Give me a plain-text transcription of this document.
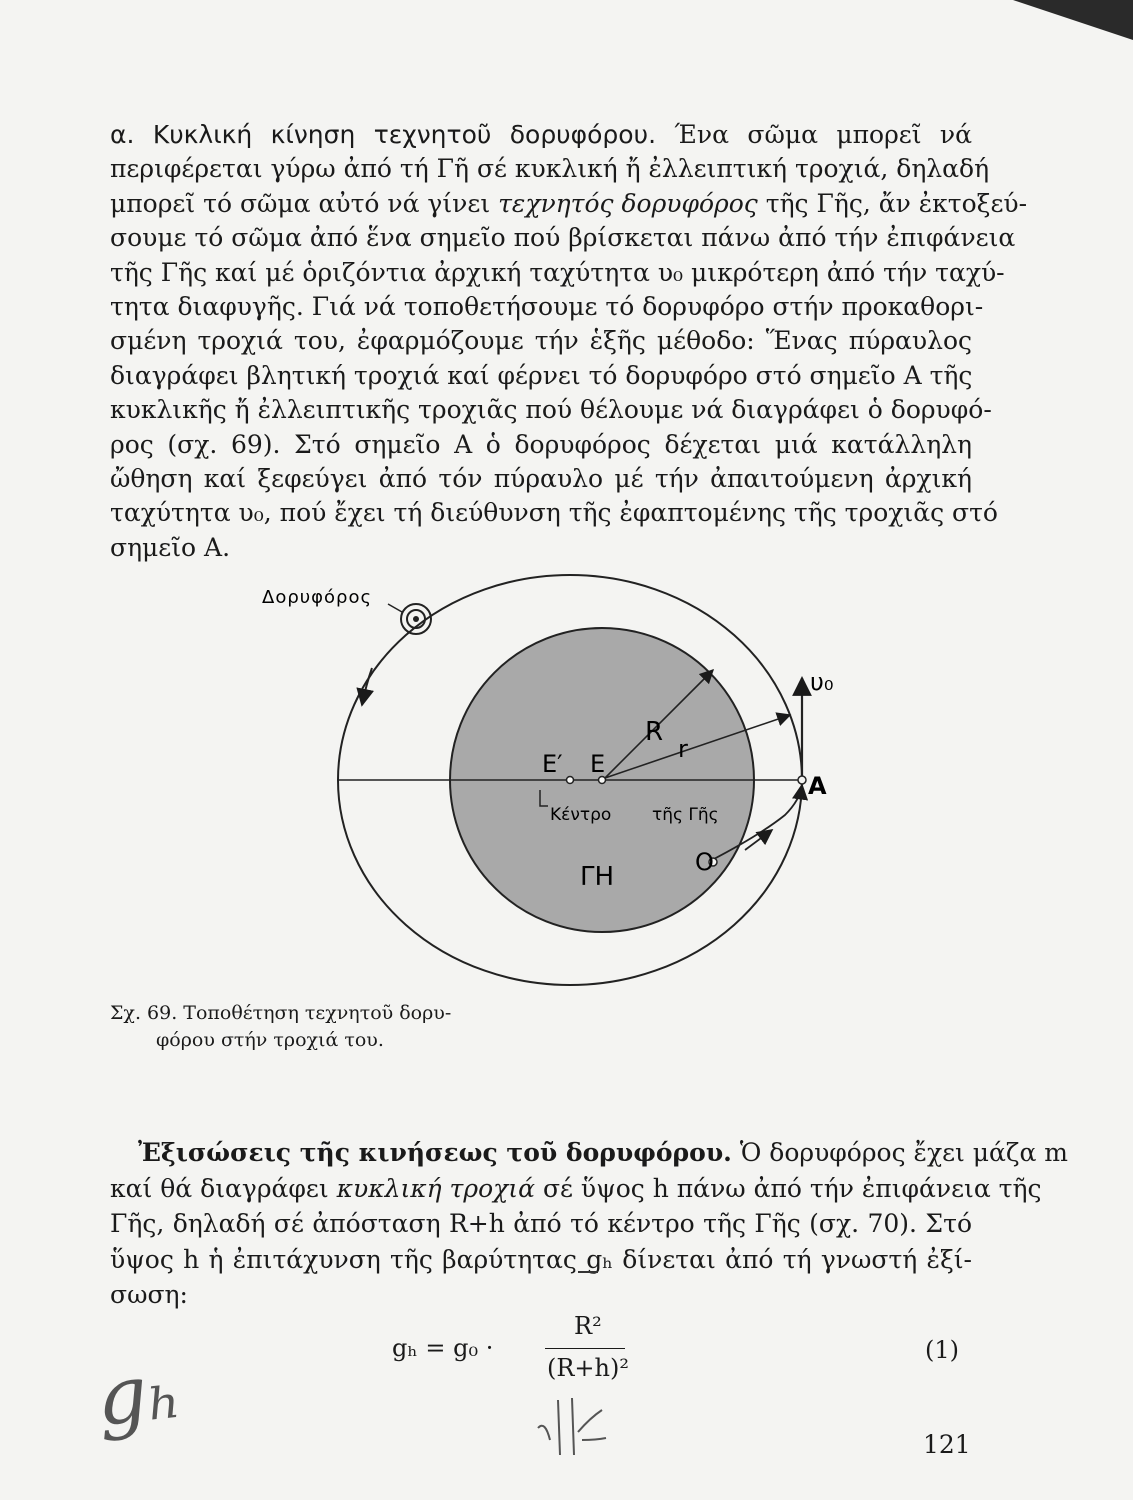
α. Κυκλική κίνηση τεχνητοῦ δορυφόρου. Ένα σῶμα μπορεῖ νά
περιφέρεται γύρω ἀπό τή Γῆ σέ κυκλική ἤ ἐλλειπτική τροχιά, δηλαδή
μπορεῖ τό σῶμα αὐτό νά γίνει τεχνητός δορυφόρος τῆς Γῆς, ἄν ἐκτοξεύ-
σουμε τό σῶμα ἀπό ἕνα σημεῖο πού βρίσκεται πάνω ἀπό τήν ἐπιφάνεια
τῆς Γῆς καί μέ ὁριζόντια ἀρχική ταχύτητα υ₀ μικρότερη ἀπό τήν ταχύ-
τητα διαφυγῆς. Γιά νά τοποθετήσουμε τό δορυφόρο στήν προκαθορι-
σμένη τροχιά του, ἐφαρμόζουμε τήν ἑξῆς μέθοδο: Ἕνας πύραυλος
διαγράφει βλητική τροχιά καί φέρνει τό δορυφόρο στό σημεῖο Α τῆς
κυκλικῆς ἤ ἐλλειπτικῆς τροχιᾶς πού θέλουμε νά διαγράφει ὁ δορυφό-
ρος (σχ. 69). Στό σημεῖο Α ὁ δορυφόρος δέχεται μιά κατάλληλη
ὤθηση καί ξεφεύγει ἀπό τόν πύραυλο μέ τήν ἀπαιτούμενη ἀρχική
ταχύτητα υ₀, πού ἔχει τή διεύθυνση τῆς ἐφαπτομένης τῆς τροχιᾶς στό
σημεῖο Α.
Δορυφόρος
υ₀
R
r
Ε′ Ε
Α
Κέντρο τῆς Γῆς
Ο
ΓΗ
Σχ. 69. Τοποθέτηση τεχνητοῦ δορυ-
φόρου στήν τροχιά του.
Ἐξισώσεις τῆς κινήσεως τοῦ δορυφόρου. Ὁ δορυφόρος ἔχει μάζα m
καί θά διαγράφει κυκλική τροχιά σέ ὕψος h πάνω ἀπό τήν ἐπιφάνεια τῆς
Γῆς, δηλαδή σέ ἀπόσταση R+h ἀπό τό κέντρο τῆς Γῆς (σχ. 70). Στό
ὕψος h ἡ ἐπιτάχυνση τῆς βαρύτητας gₕ δίνεται ἀπό τή γνωστή ἐξί-
σωση:
gₕ = g₀ ·
R²
(R+h)²
(1)
gₕ
121
